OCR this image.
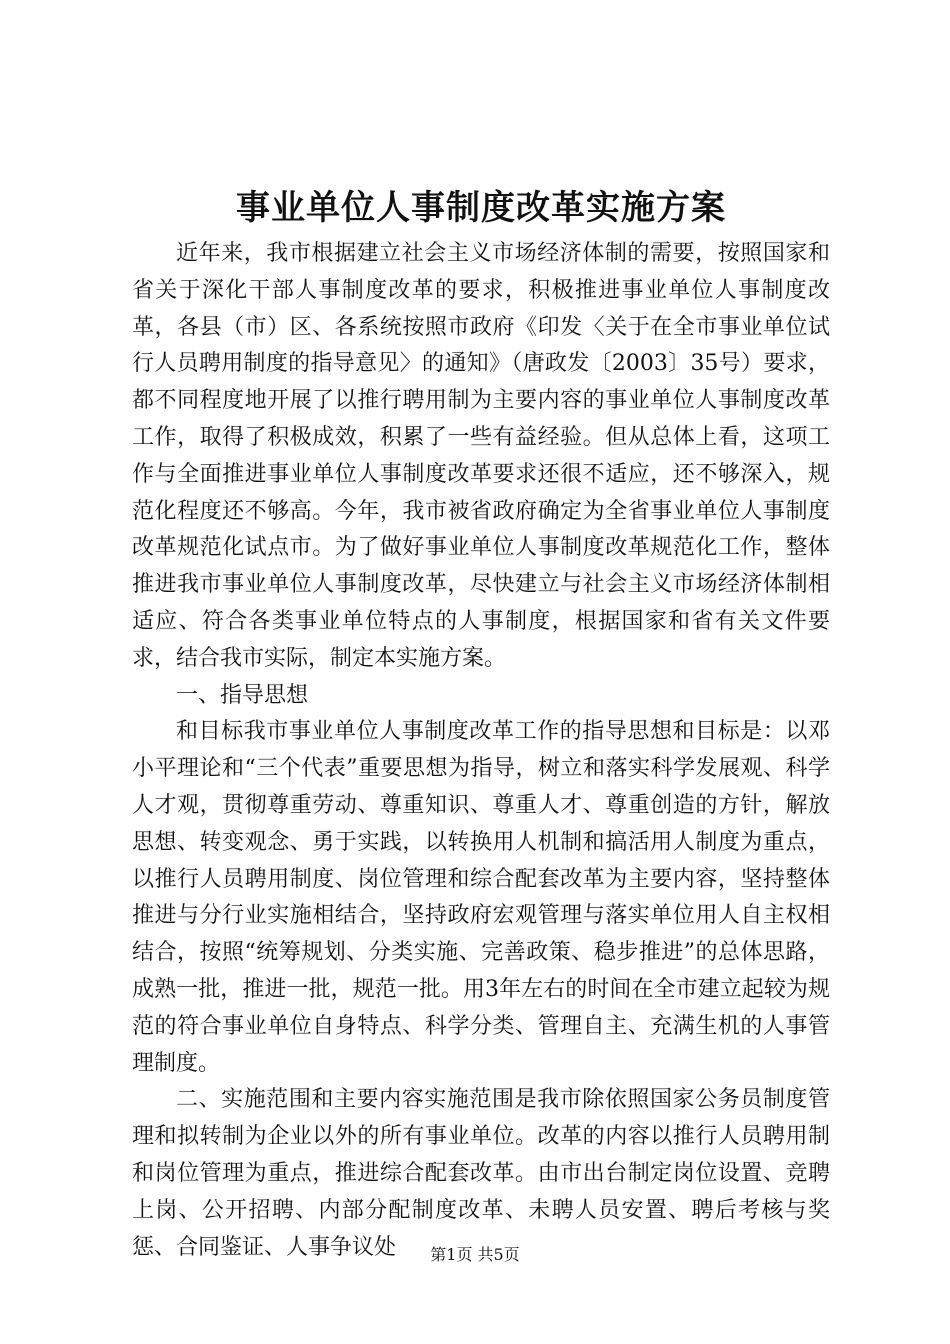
事业单位人事制度改革实施方案

近年来，我市根据建立社会主义市场经济体制的需要，按照国家和省关于深化干部人事制度改革的要求，积极推进事业单位人事制度改革，各县（市）区、各系统按照市政府《印发〈关于在全市事业单位试行人员聘用制度的指导意见〉的通知》（唐政发〔2003〕35号）要求，都不同程度地开展了以推行聘用制为主要内容的事业单位人事制度改革工作，取得了积极成效，积累了一些有益经验。但从总体上看，这项工作与全面推进事业单位人事制度改革要求还很不适应，还不够深入，规范化程度还不够高。今年，我市被省政府确定为全省事业单位人事制度改革规范化试点市。为了做好事业单位人事制度改革规范化工作，整体推进我市事业单位人事制度改革，尽快建立与社会主义市场经济体制相适应、符合各类事业单位特点的人事制度，根据国家和省有关文件要求，结合我市实际，制定本实施方案。

一、指导思想

和目标我市事业单位人事制度改革工作的指导思想和目标是：以邓小平理论和“三个代表”重要思想为指导，树立和落实科学发展观、科学人才观，贯彻尊重劳动、尊重知识、尊重人才、尊重创造的方针，解放思想、转变观念、勇于实践，以转换用人机制和搞活用人制度为重点，以推行人员聘用制度、岗位管理和综合配套改革为主要内容，坚持整体推进与分行业实施相结合，坚持政府宏观管理与落实单位用人自主权相结合，按照“统筹规划、分类实施、完善政策、稳步推进”的总体思路，成熟一批，推进一批，规范一批。用3年左右的时间在全市建立起较为规范的符合事业单位自身特点、科学分类、管理自主、充满生机的人事管理制度。

二、实施范围和主要内容实施范围是我市除依照国家公务员制度管理和拟转制为企业以外的所有事业单位。改革的内容以推行人员聘用制和岗位管理为重点，推进综合配套改革。由市出台制定岗位设置、竞聘上岗、公开招聘、内部分配制度改革、未聘人员安置、聘后考核与奖惩、合同鉴证、人事争议处	第1页 共5页
